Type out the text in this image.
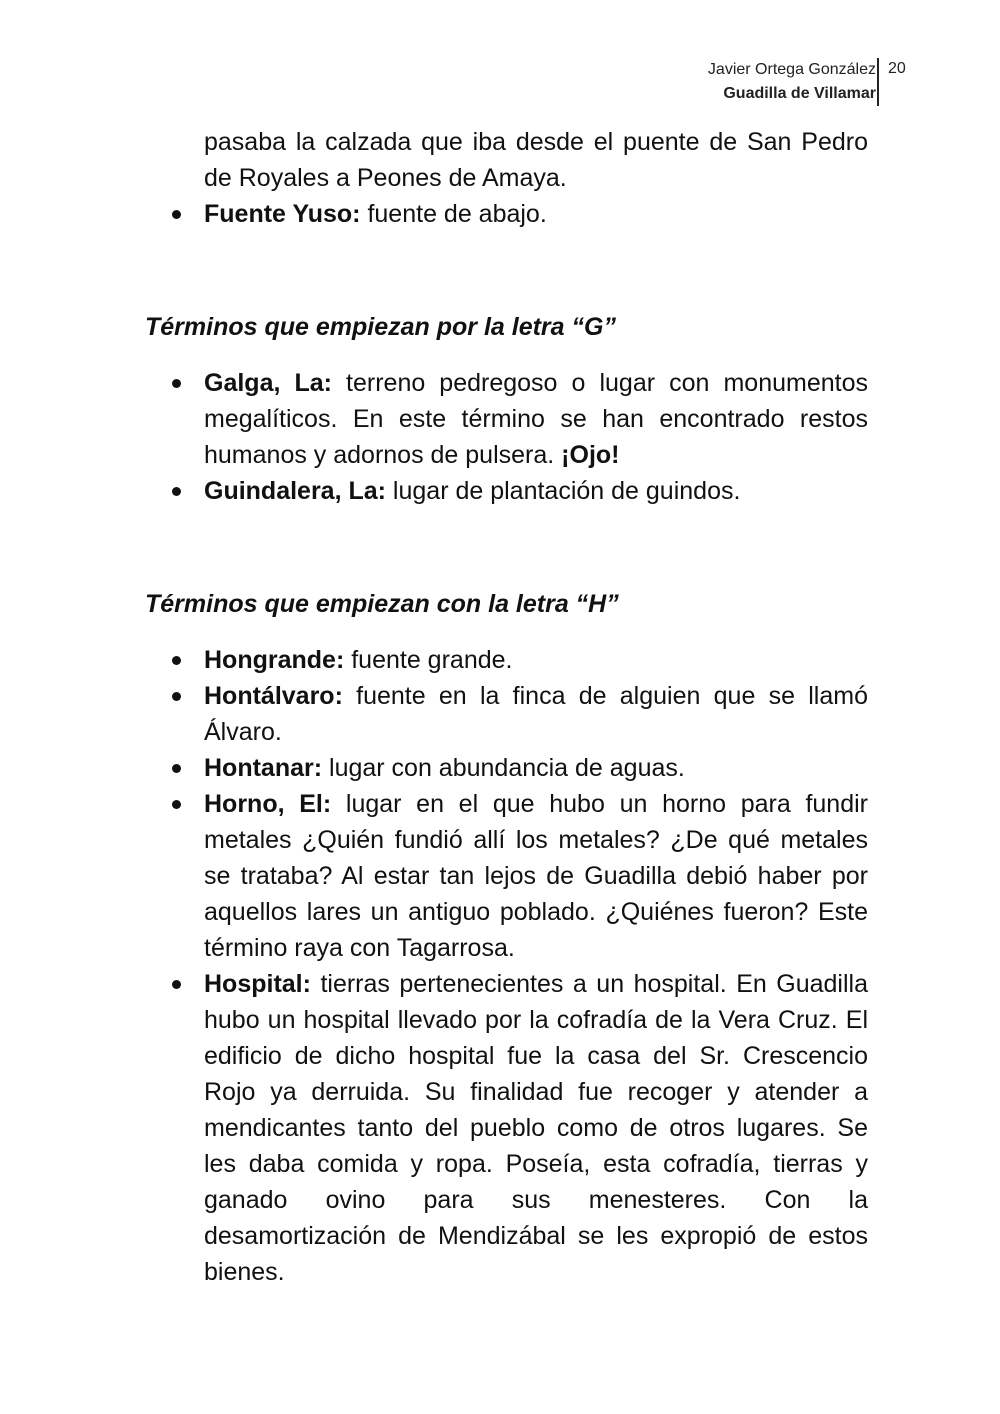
Javier Ortega González
Guadilla de Villamar
20

pasaba la calzada que iba desde el puente de San Pedro de Royales a Peones de Amaya.

Fuente Yuso: fuente de abajo.

Términos que empiezan por la letra “G”

Galga, La: terreno pedregoso o lugar con monumentos megalíticos. En este término se han encontrado restos humanos y adornos de pulsera. ¡Ojo!

Guindalera, La: lugar de plantación de guindos.

Términos que empiezan con la letra “H”

Hongrande: fuente grande.

Hontálvaro: fuente en la finca de alguien que se llamó Álvaro.

Hontanar: lugar con abundancia de aguas.

Horno, El: lugar en el que hubo un horno para fundir metales ¿Quién fundió allí los metales? ¿De qué metales se trataba? Al estar tan lejos de Guadilla debió haber por aquellos lares un antiguo poblado. ¿Quiénes fueron? Este término raya con Tagarrosa.

Hospital: tierras pertenecientes a un hospital. En Guadilla hubo un hospital llevado por la cofradía de la Vera Cruz. El edificio de dicho hospital fue la casa del Sr. Crescencio Rojo ya derruida. Su finalidad fue recoger y atender a mendicantes tanto del pueblo como de otros lugares. Se les daba comida y ropa. Poseía, esta cofradía, tierras y ganado ovino para sus menesteres. Con la desamortización de Mendizábal se les expropió de estos bienes.
